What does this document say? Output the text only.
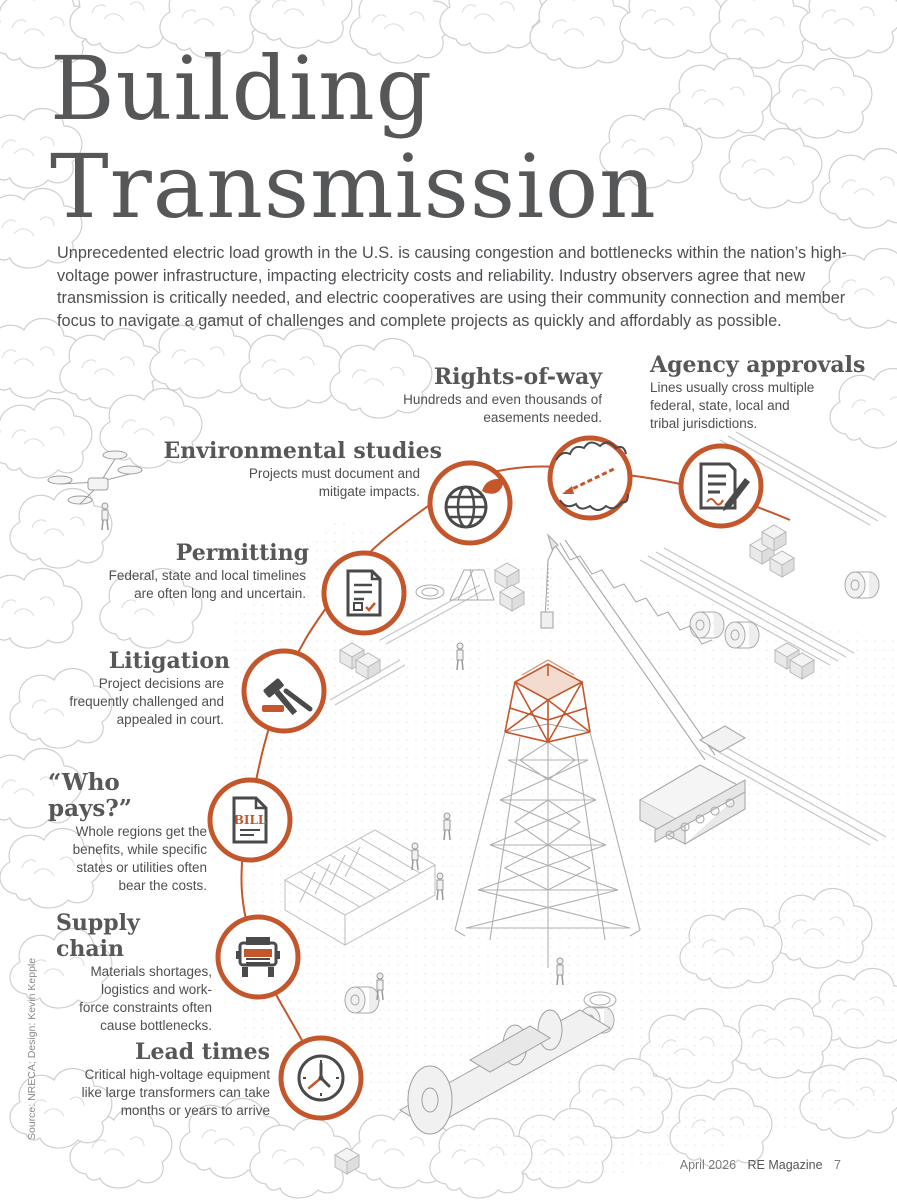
BILL
Building
Transmission

Unprecedented electric load growth in the U.S. is causing congestion and bottlenecks within the nation’s high-voltage power infrastructure, impacting electricity costs and reliability. Industry observers agree that new transmission is critically needed, and electric cooperatives are using their community connection and member focus to navigate a gamut of challenges and complete projects as quickly and affordably as possible.

Agency approvals

Lines usually cross multiple
federal, state, local and
tribal jurisdictions.

Rights-of-way

Hundreds and even thousands of
easements needed.

Environmental studies

Projects must document and
mitigate impacts.

Permitting

Federal, state and local timelines
are often long and uncertain.

Litigation

Project decisions are
frequently challenged and
appealed in court.

“Who pays?”

Whole regions get the
benefits, while specific
states or utilities often
bear the costs.

Supply chain

Materials shortages,
logistics and work-
force constraints often
cause bottlenecks.

Lead times

Critical high-voltage equipment
like large transformers can take
months or years to arrive

Source: NRECA; Design: Kevin Kepple
April 2026 RE Magazine 7
